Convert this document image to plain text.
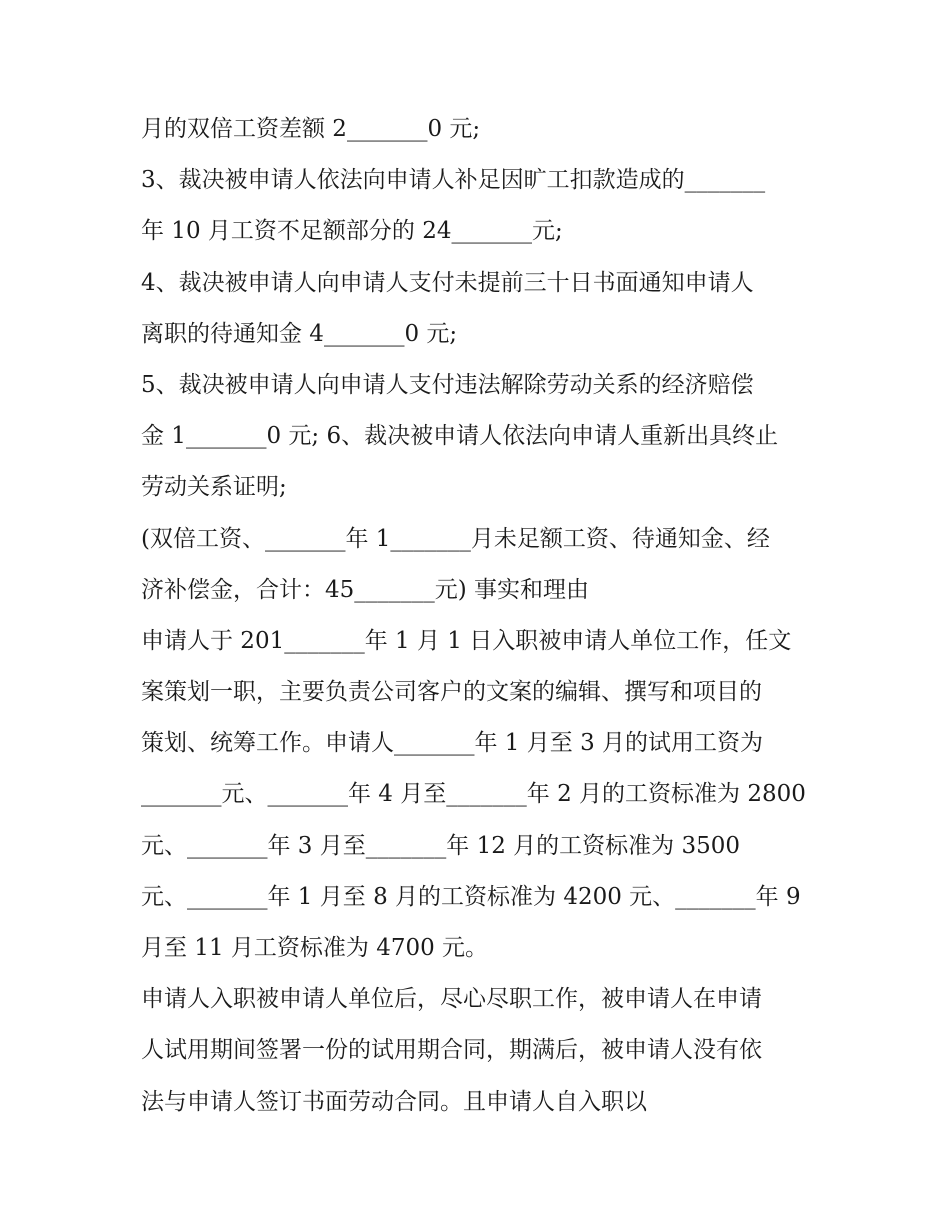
月的双倍工资差额 2_______0 元;
3、裁决被申请人依法向申请人补足因旷工扣款造成的_______
年 10 月工资不足额部分的 24_______元;
4、裁决被申请人向申请人支付未提前三十日书面通知申请人
离职的待通知金 4_______0 元;
5、裁决被申请人向申请人支付违法解除劳动关系的经济赔偿
金 1_______0 元; 6、裁决被申请人依法向申请人重新出具终止
劳动关系证明;
(双倍工资、_______年 1_______月未足额工资、待通知金、经
济补偿金，合计：45_______元) 事实和理由
申请人于 201_______年 1 月 1 日入职被申请人单位工作，任文
案策划一职，主要负责公司客户的文案的编辑、撰写和项目的
策划、统筹工作。申请人_______年 1 月至 3 月的试用工资为
_______元、_______年 4 月至_______年 2 月的工资标准为 2800
元、_______年 3 月至_______年 12 月的工资标准为 3500
元、_______年 1 月至 8 月的工资标准为 4200 元、_______年 9
月至 11 月工资标准为 4700 元。
申请人入职被申请人单位后，尽心尽职工作，被申请人在申请
人试用期间签署一份的试用期合同，期满后，被申请人没有依
法与申请人签订书面劳动合同。且申请人自入职以
